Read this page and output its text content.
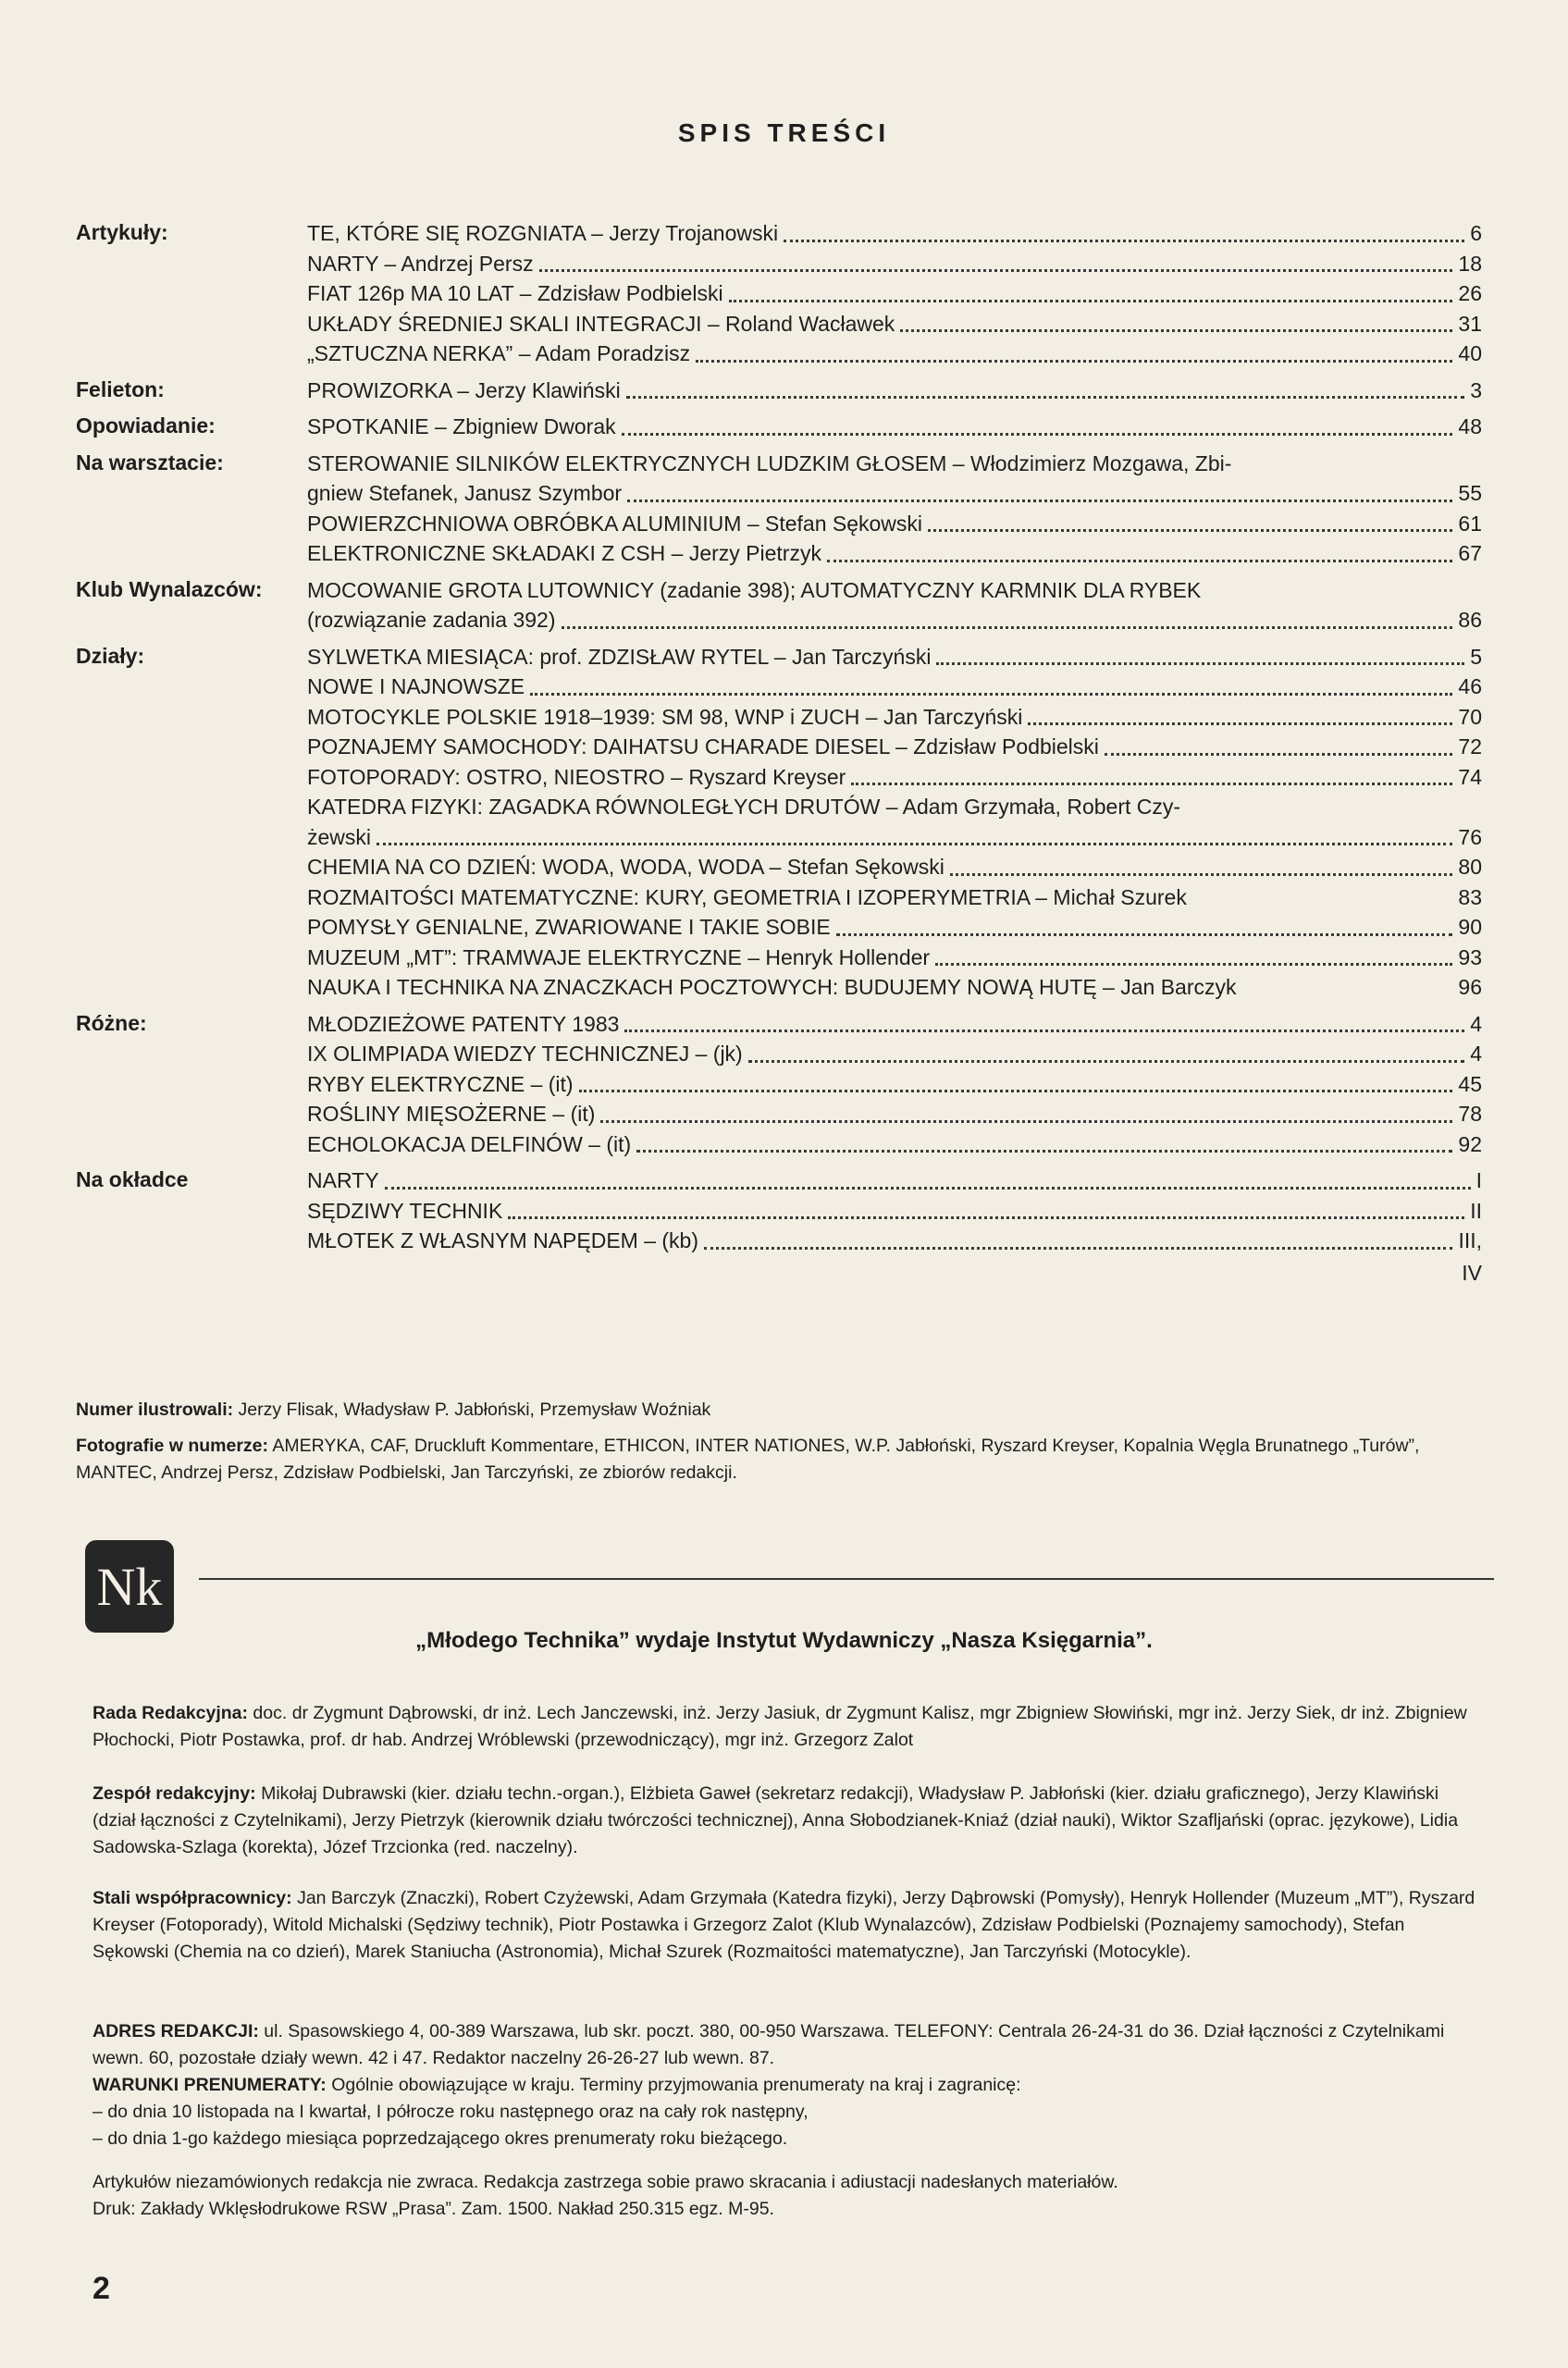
SPIS TREŚCI
Artykuły:	TE, KTÓRE SIĘ ROZGNIATA – Jerzy Trojanowski	6
NARTY – Andrzej Persz	18
FIAT 126p MA 10 LAT – Zdzisław Podbielski	26
UKŁADY ŚREDNIEJ SKALI INTEGRACJI – Roland Wacławek	31
„SZTUCZNA NERKA” – Adam Poradzisz	40
Felieton:	PROWIZORKA – Jerzy Klawiński	3
Opowiadanie:	SPOTKANIE – Zbigniew Dworak	48
Na warsztacie:	STEROWANIE SILNIKÓW ELEKTRYCZNYCH LUDZKIM GŁOSEM – Włodzimierz Mozgawa, Zbi-
gniew Stefanek, Janusz Szymbor	55
POWIERZCHNIOWA OBRÓBKA ALUMINIUM – Stefan Sękowski	61
ELEKTRONICZNE SKŁADAKI Z CSH – Jerzy Pietrzyk	67
Klub Wynalazców:	MOCOWANIE GROTA LUTOWNICY (zadanie 398); AUTOMATYCZNY KARMNIK DLA RYBEK
(rozwiązanie zadania 392)	86
Działy:	SYLWETKA MIESIĄCA: prof. ZDZISŁAW RYTEL – Jan Tarczyński	5
NOWE I NAJNOWSZE	46
MOTOCYKLE POLSKIE 1918–1939: SM 98, WNP i ZUCH – Jan Tarczyński	70
POZNAJEMY SAMOCHODY: DAIHATSU CHARADE DIESEL – Zdzisław Podbielski	72
FOTOPORADY: OSTRO, NIEOSTRO – Ryszard Kreyser	74
KATEDRA FIZYKI: ZAGADKA RÓWNOLEGŁYCH DRUTÓW – Adam Grzymała, Robert Czy-
żewski	76
CHEMIA NA CO DZIEŃ: WODA, WODA, WODA – Stefan Sękowski	80
ROZMAITOŚCI MATEMATYCZNE: KURY, GEOMETRIA I IZOPERYMETRIA – Michał Szurek	83
POMYSŁY GENIALNE, ZWARIOWANE I TAKIE SOBIE	90
MUZEUM „MT”: TRAMWAJE ELEKTRYCZNE – Henryk Hollender	93
NAUKA I TECHNIKA NA ZNACZKACH POCZTOWYCH: BUDUJEMY NOWĄ HUTĘ – Jan Barczyk	96
Różne:	MŁODZIEŻOWE PATENTY 1983	4
IX OLIMPIADA WIEDZY TECHNICZNEJ – (jk)	4
RYBY ELEKTRYCZNE – (it)	45
ROŚLINY MIĘSOŻERNE – (it)	78
ECHOLOKACJA DELFINÓW – (it)	92
Na okładce	NARTY	I
SĘDZIWY TECHNIK	II
MŁOTEK Z WŁASNYM NAPĘDEM – (kb)	III,
IV
Numer ilustrowali: Jerzy Flisak, Władysław P. Jabłoński, Przemysław Woźniak
Fotografie w numerze: AMERYKA, CAF, Druckluft Kommentare, ETHICON, INTER NATIONES, W.P. Jabłoński, Ryszard Kreyser, Kopalnia Węgla Brunatnego „Turów”, MANTEC, Andrzej Persz, Zdzisław Podbielski, Jan Tarczyński, ze zbiorów redakcji.
Nk
„Młodego Technika” wydaje Instytut Wydawniczy „Nasza Księgarnia”.
Rada Redakcyjna: doc. dr Zygmunt Dąbrowski, dr inż. Lech Janczewski, inż. Jerzy Jasiuk, dr Zygmunt Kalisz, mgr Zbigniew Słowiński, mgr inż. Jerzy Siek, dr inż. Zbigniew Płochocki, Piotr Postawka, prof. dr hab. Andrzej Wróblewski (przewodniczący), mgr inż. Grzegorz Zalot
Zespół redakcyjny: Mikołaj Dubrawski (kier. działu techn.-organ.), Elżbieta Gaweł (sekretarz redakcji), Władysław P. Jabłoński (kier. działu graficznego), Jerzy Klawiński (dział łączności z Czytelnikami), Jerzy Pietrzyk (kierownik działu twórczości technicznej), Anna Słobodzianek-Kniaź (dział nauki), Wiktor Szafljański (oprac. językowe), Lidia Sadowska-Szlaga (korekta), Józef Trzcionka (red. naczelny).
Stali współpracownicy: Jan Barczyk (Znaczki), Robert Czyżewski, Adam Grzymała (Katedra fizyki), Jerzy Dąbrowski (Pomysły), Henryk Hollender (Muzeum „MT”), Ryszard Kreyser (Fotoporady), Witold Michalski (Sędziwy technik), Piotr Postawka i Grzegorz Zalot (Klub Wynalazców), Zdzisław Podbielski (Poznajemy samochody), Stefan Sękowski (Chemia na co dzień), Marek Staniucha (Astronomia), Michał Szurek (Rozmaitości matematyczne), Jan Tarczyński (Motocykle).
ADRES REDAKCJI: ul. Spasowskiego 4, 00-389 Warszawa, lub skr. poczt. 380, 00-950 Warszawa. TELEFONY: Centrala 26-24-31 do 36. Dział łączności z Czytelnikami wewn. 60, pozostałe działy wewn. 42 i 47. Redaktor naczelny 26-26-27 lub wewn. 87.
WARUNKI PRENUMERATY: Ogólnie obowiązujące w kraju. Terminy przyjmowania prenumeraty na kraj i zagranicę:
– do dnia 10 listopada na I kwartał, I półrocze roku następnego oraz na cały rok następny,
– do dnia 1-go każdego miesiąca poprzedzającego okres prenumeraty roku bieżącego.
Artykułów niezamówionych redakcja nie zwraca. Redakcja zastrzega sobie prawo skracania i adiustacji nadesłanych materiałów.
Druk: Zakłady Wklęsłodrukowe RSW „Prasa”. Zam. 1500. Nakład 250.315 egz. M-95.
2
